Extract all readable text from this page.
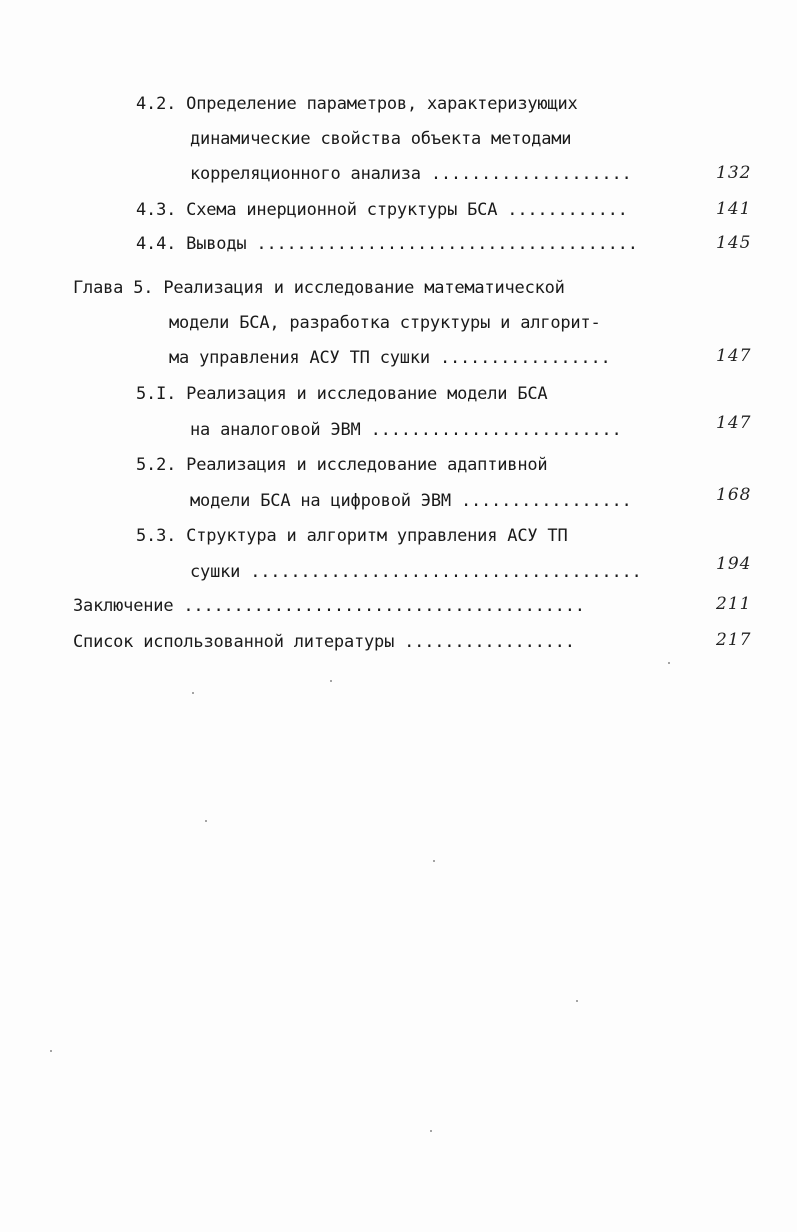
4.2. Определение параметров, характеризующих
динамические свойства объекта методами
корреляционного анализа ....................	132
4.3. Схема инерционной структуры БСА ............	141
4.4. Выводы ......................................	145
Глава 5. Реализация и исследование математической
модели БСА, разработка структуры и алгорит-
ма управления АСУ ТП сушки .................	147
5.I. Реализация и исследование модели БСА
на аналоговой ЭВМ .........................	147
5.2. Реализация и исследование адаптивной
модели БСА на цифровой ЭВМ .................	168
5.3. Структура и алгоритм управления АСУ ТП
сушки .......................................	194
Заключение ........................................	211
Список использованной литературы .................	217
